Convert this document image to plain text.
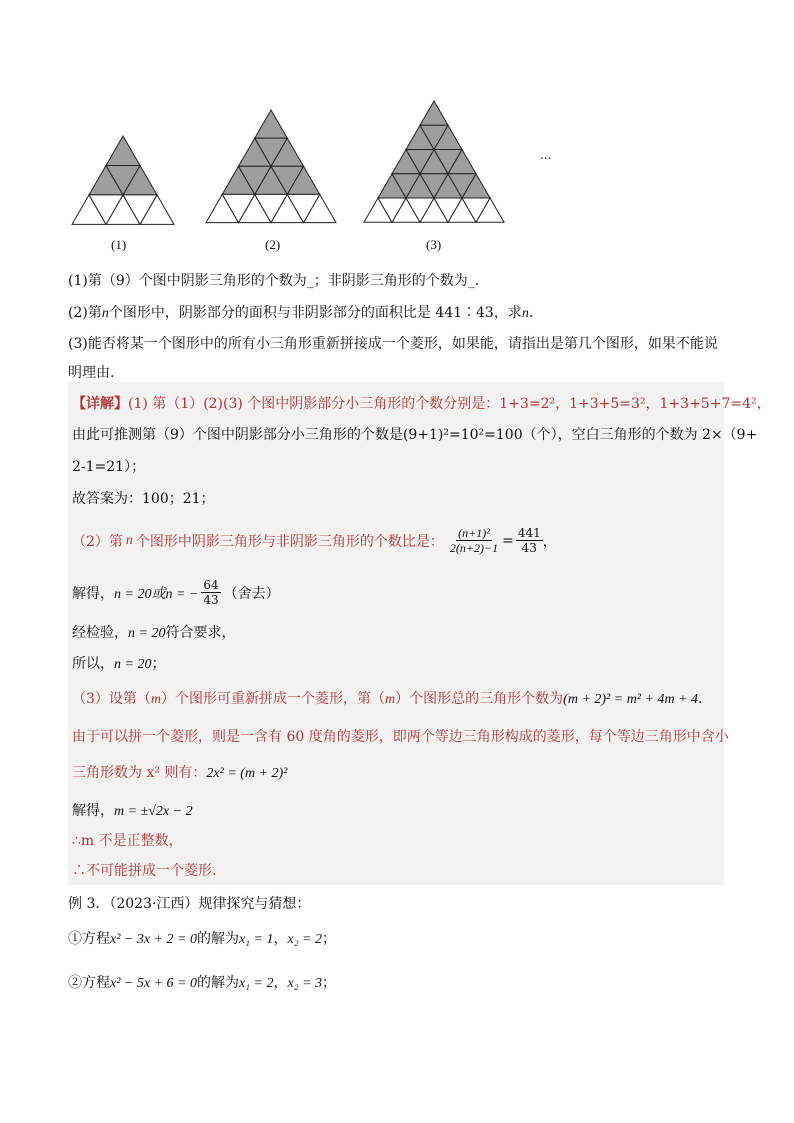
(1)	(2)	(3)
...
(1)第（9）个图中阴影三角形的个数为_；非阴影三角形的个数为_.
(2)第n个图形中，阴影部分的面积与非阴影部分的面积比是 441∶43，求n.
(3)能否将某一个图形中的所有小三角形重新拼接成一个菱形，如果能，请指出是第几个图形，如果不能说
明理由.
【详解】(1) 第（1）(2)(3) 个图中阴影部分小三角形的个数分别是：1+3=2²，1+3+5=3²，1+3+5+7=4²，
由此可推测第（9）个图中阴影部分小三角形的个数是(9+1)²=10²=100（个），空白三角形的个数为 2×（9+
2-1=21）；
故答案为：100；21；
（2）第 n 个图形中阴影三角形与非阴影三角形的个数比是： $\frac{\text{(n+1)²}}{2(n+2)-1} = \frac{441}{43}$ ，
解得， n = 20或n = − $\frac{64}{43}$ （舍去）
经检验，n = 20符合要求，
所以，n = 20；
（3）设第（m）个图形可重新拼成一个菱形，第（m）个图形总的三角形个数为(m + 2)² = m² + 4m + 4.
由于可以拼一个菱形，则是一含有 60 度角的菱形，即两个等边三角形构成的菱形，每个等边三角形中含小
三角形数为 x² 则有：2x² = (m + 2)²
解得，m = ±√2x − 2
∴m 不是正整数，
∴不可能拼成一个菱形.
例 3．（2023·江西）规律探究与猜想：
①方程x² − 3x + 2 = 0的解为x₁ = 1，x₂ = 2；
②方程x² − 5x + 6 = 0的解为x₁ = 2，x₂ = 3；
